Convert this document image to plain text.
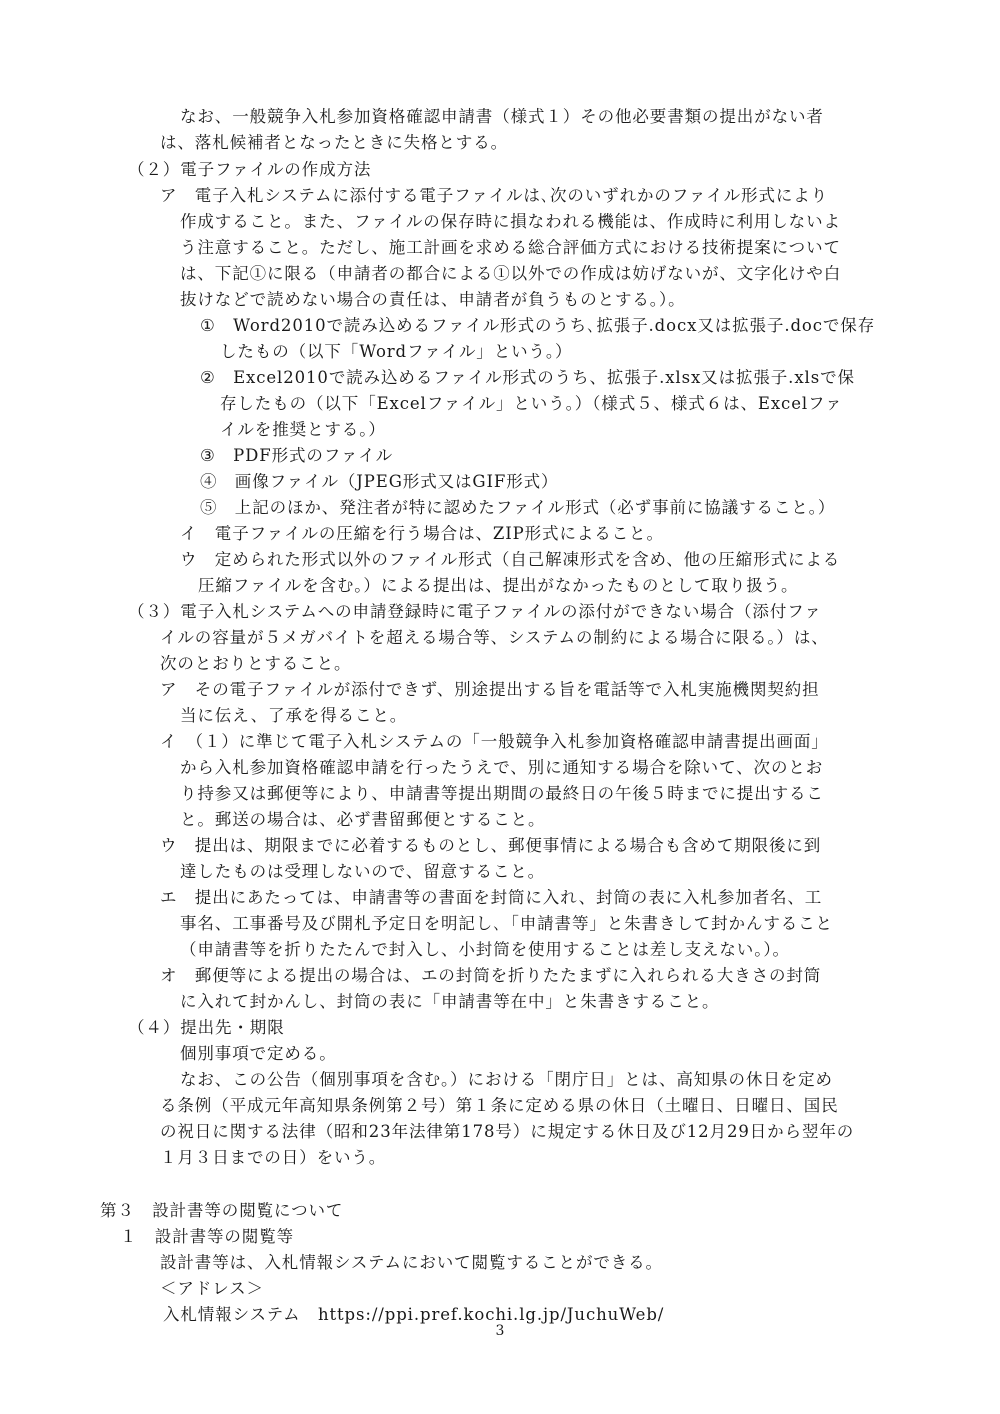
なお、一般競争入札参加資格確認申請書（様式１）その他必要書類の提出がない者
は、落札候補者となったときに失格とする。
（２）電子ファイルの作成方法
ア　電子入札システムに添付する電子ファイルは､次のいずれかのファイル形式により
作成すること。また、ファイルの保存時に損なわれる機能は、作成時に利用しないよ
う注意すること。ただし、施工計画を求める総合評価方式における技術提案について
は、下記①に限る（申請者の都合による①以外での作成は妨げないが、文字化けや白
抜けなどで読めない場合の責任は、申請者が負うものとする。）。
①　Word2010で読み込めるファイル形式のうち､拡張子.docx又は拡張子.docで保存
したもの（以下「Wordファイル」という。）
②　Excel2010で読み込めるファイル形式のうち、拡張子.xlsx又は拡張子.xlsで保
存したもの（以下「Excelファイル」という。）（様式５、様式６は、Excelファ
イルを推奨とする。）
③　PDF形式のファイル
④　画像ファイル（JPEG形式又はGIF形式）
⑤　上記のほか、発注者が特に認めたファイル形式（必ず事前に協議すること。）
イ　電子ファイルの圧縮を行う場合は、ZIP形式によること。
ウ　定められた形式以外のファイル形式（自己解凍形式を含め、他の圧縮形式による
圧縮ファイルを含む。）による提出は、提出がなかったものとして取り扱う。
（３）電子入札システムへの申請登録時に電子ファイルの添付ができない場合（添付ファ
イルの容量が５メガバイトを超える場合等、システムの制約による場合に限る。）は、
次のとおりとすること。
ア　その電子ファイルが添付できず、別途提出する旨を電話等で入札実施機関契約担
当に伝え、了承を得ること。
イ　（１）に準じて電子入札システムの「一般競争入札参加資格確認申請書提出画面」
から入札参加資格確認申請を行ったうえで、別に通知する場合を除いて、次のとお
り持参又は郵便等により、申請書等提出期間の最終日の午後５時までに提出するこ
と。郵送の場合は、必ず書留郵便とすること。
ウ　提出は、期限までに必着するものとし、郵便事情による場合も含めて期限後に到
達したものは受理しないので、留意すること。
エ　提出にあたっては、申請書等の書面を封筒に入れ、封筒の表に入札参加者名、工
事名、工事番号及び開札予定日を明記し､「申請書等」と朱書きして封かんすること
（申請書等を折りたたんで封入し、小封筒を使用することは差し支えない｡）。
オ　郵便等による提出の場合は、エの封筒を折りたたまずに入れられる大きさの封筒
に入れて封かんし、封筒の表に「申請書等在中」と朱書きすること。
（４）提出先・期限
個別事項で定める。
なお、この公告（個別事項を含む。）における「閉庁日」とは、高知県の休日を定め
る条例（平成元年高知県条例第２号）第１条に定める県の休日（土曜日、日曜日、国民
の祝日に関する法律（昭和23年法律第178号）に規定する休日及び12月29日から翌年の
１月３日までの日）をいう。
第３　設計書等の閲覧について
１　設計書等の閲覧等
設計書等は、入札情報システムにおいて閲覧することができる。
＜アドレス＞
入札情報システム　https://ppi.pref.kochi.lg.jp/JuchuWeb/
3
